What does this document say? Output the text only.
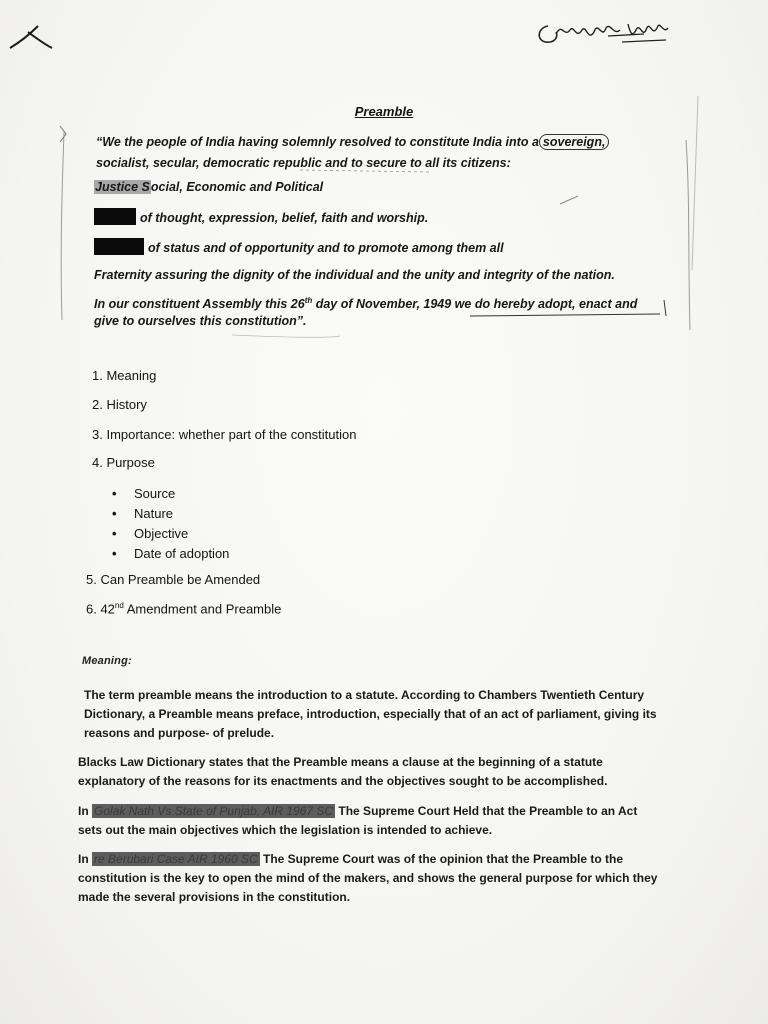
Preamble
“We the people of India having solemnly resolved to constitute India into a sovereign,
socialist, secular, democratic republic and to secure to all its citizens:
Justice Social, Economic and Political
of thought, expression, belief, faith and worship.
of status and of opportunity and to promote among them all
Fraternity assuring the dignity of the individual and the unity and integrity of the nation.
In our constituent Assembly this 26th day of November, 1949 we do hereby adopt, enact and
give to ourselves this constitution”.
1. Meaning
2. History
3. Importance: whether part of the constitution
4. Purpose
• Source
• Nature
• Objective
• Date of adoption
5. Can Preamble be Amended
6. 42nd Amendment and Preamble
Meaning:
The term preamble means the introduction to a statute. According to Chambers Twentieth Century Dictionary, a Preamble means preface, introduction, especially that of an act of parliament, giving its reasons and purpose- of prelude.
Blacks Law Dictionary states that the Preamble means a clause at the beginning of a statute explanatory of the reasons for its enactments and the objectives sought to be accomplished.
In Golak Nath Vs State of Punjab, AIR 1967 SC The Supreme Court Held that the Preamble to an Act sets out the main objectives which the legislation is intended to achieve.
In re Berubari Case AIR 1960 SC The Supreme Court was of the opinion that the Preamble to the constitution is the key to open the mind of the makers, and shows the general purpose for which they made the several provisions in the constitution.
